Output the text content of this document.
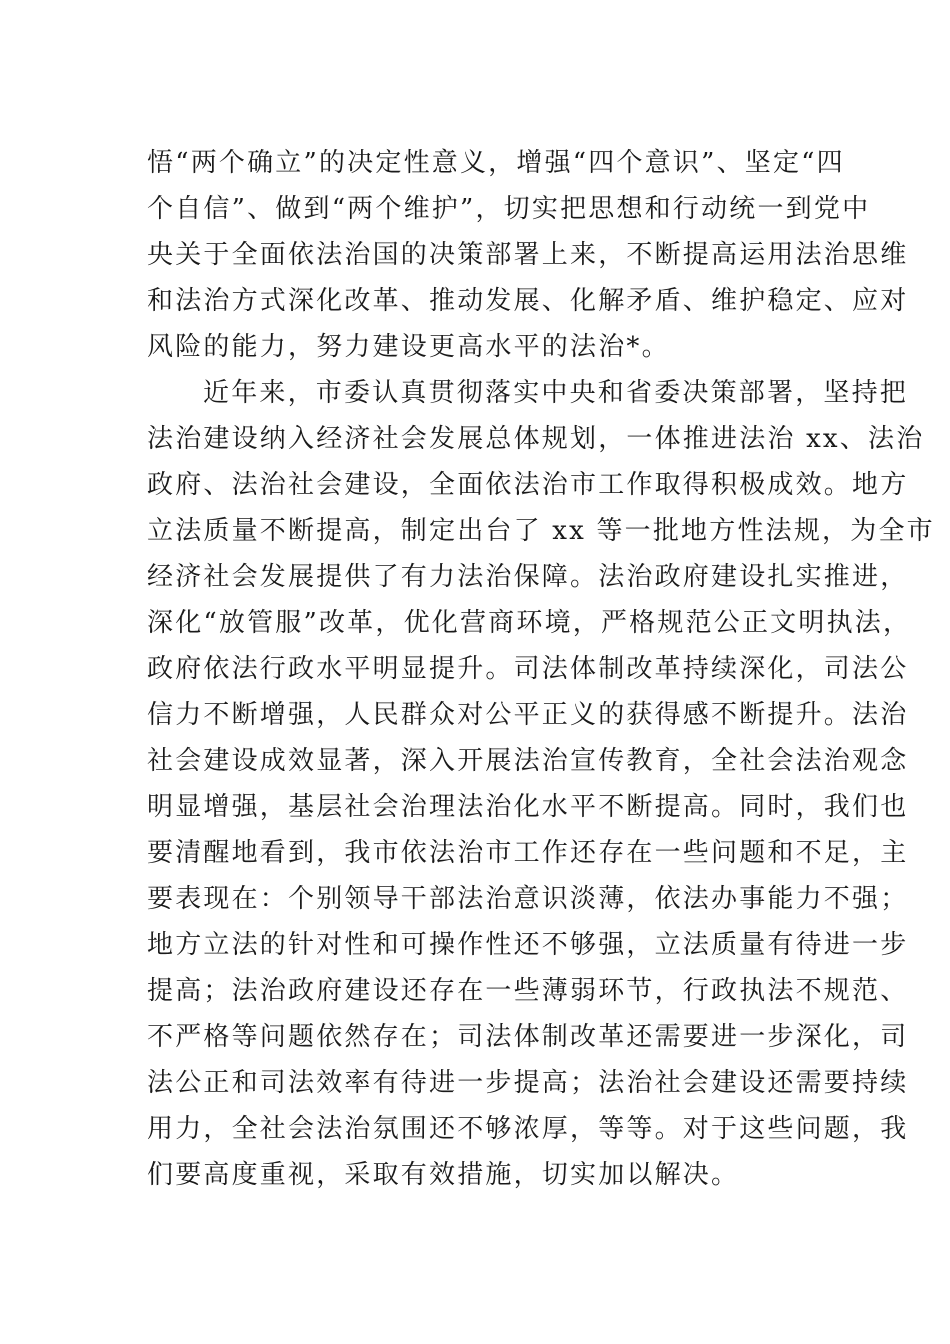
悟“两个确立”的决定性意义，增强“四个意识”、坚定“四
个自信”、做到“两个维护”，切实把思想和行动统一到党中
央关于全面依法治国的决策部署上来，不断提高运用法治思维
和法治方式深化改革、推动发展、化解矛盾、维护稳定、应对
风险的能力，努力建设更高水平的法治*。
近年来，市委认真贯彻落实中央和省委决策部署，坚持把
法治建设纳入经济社会发展总体规划，一体推进法治 xx、法治
政府、法治社会建设，全面依法治市工作取得积极成效。地方
立法质量不断提高，制定出台了 xx 等一批地方性法规，为全市
经济社会发展提供了有力法治保障。法治政府建设扎实推进，
深化“放管服”改革，优化营商环境，严格规范公正文明执法，
政府依法行政水平明显提升。司法体制改革持续深化，司法公
信力不断增强，人民群众对公平正义的获得感不断提升。法治
社会建设成效显著，深入开展法治宣传教育，全社会法治观念
明显增强，基层社会治理法治化水平不断提高。同时，我们也
要清醒地看到，我市依法治市工作还存在一些问题和不足，主
要表现在：个别领导干部法治意识淡薄，依法办事能力不强；
地方立法的针对性和可操作性还不够强，立法质量有待进一步
提高；法治政府建设还存在一些薄弱环节，行政执法不规范、
不严格等问题依然存在；司法体制改革还需要进一步深化，司
法公正和司法效率有待进一步提高；法治社会建设还需要持续
用力，全社会法治氛围还不够浓厚，等等。对于这些问题，我
们要高度重视，采取有效措施，切实加以解决。
